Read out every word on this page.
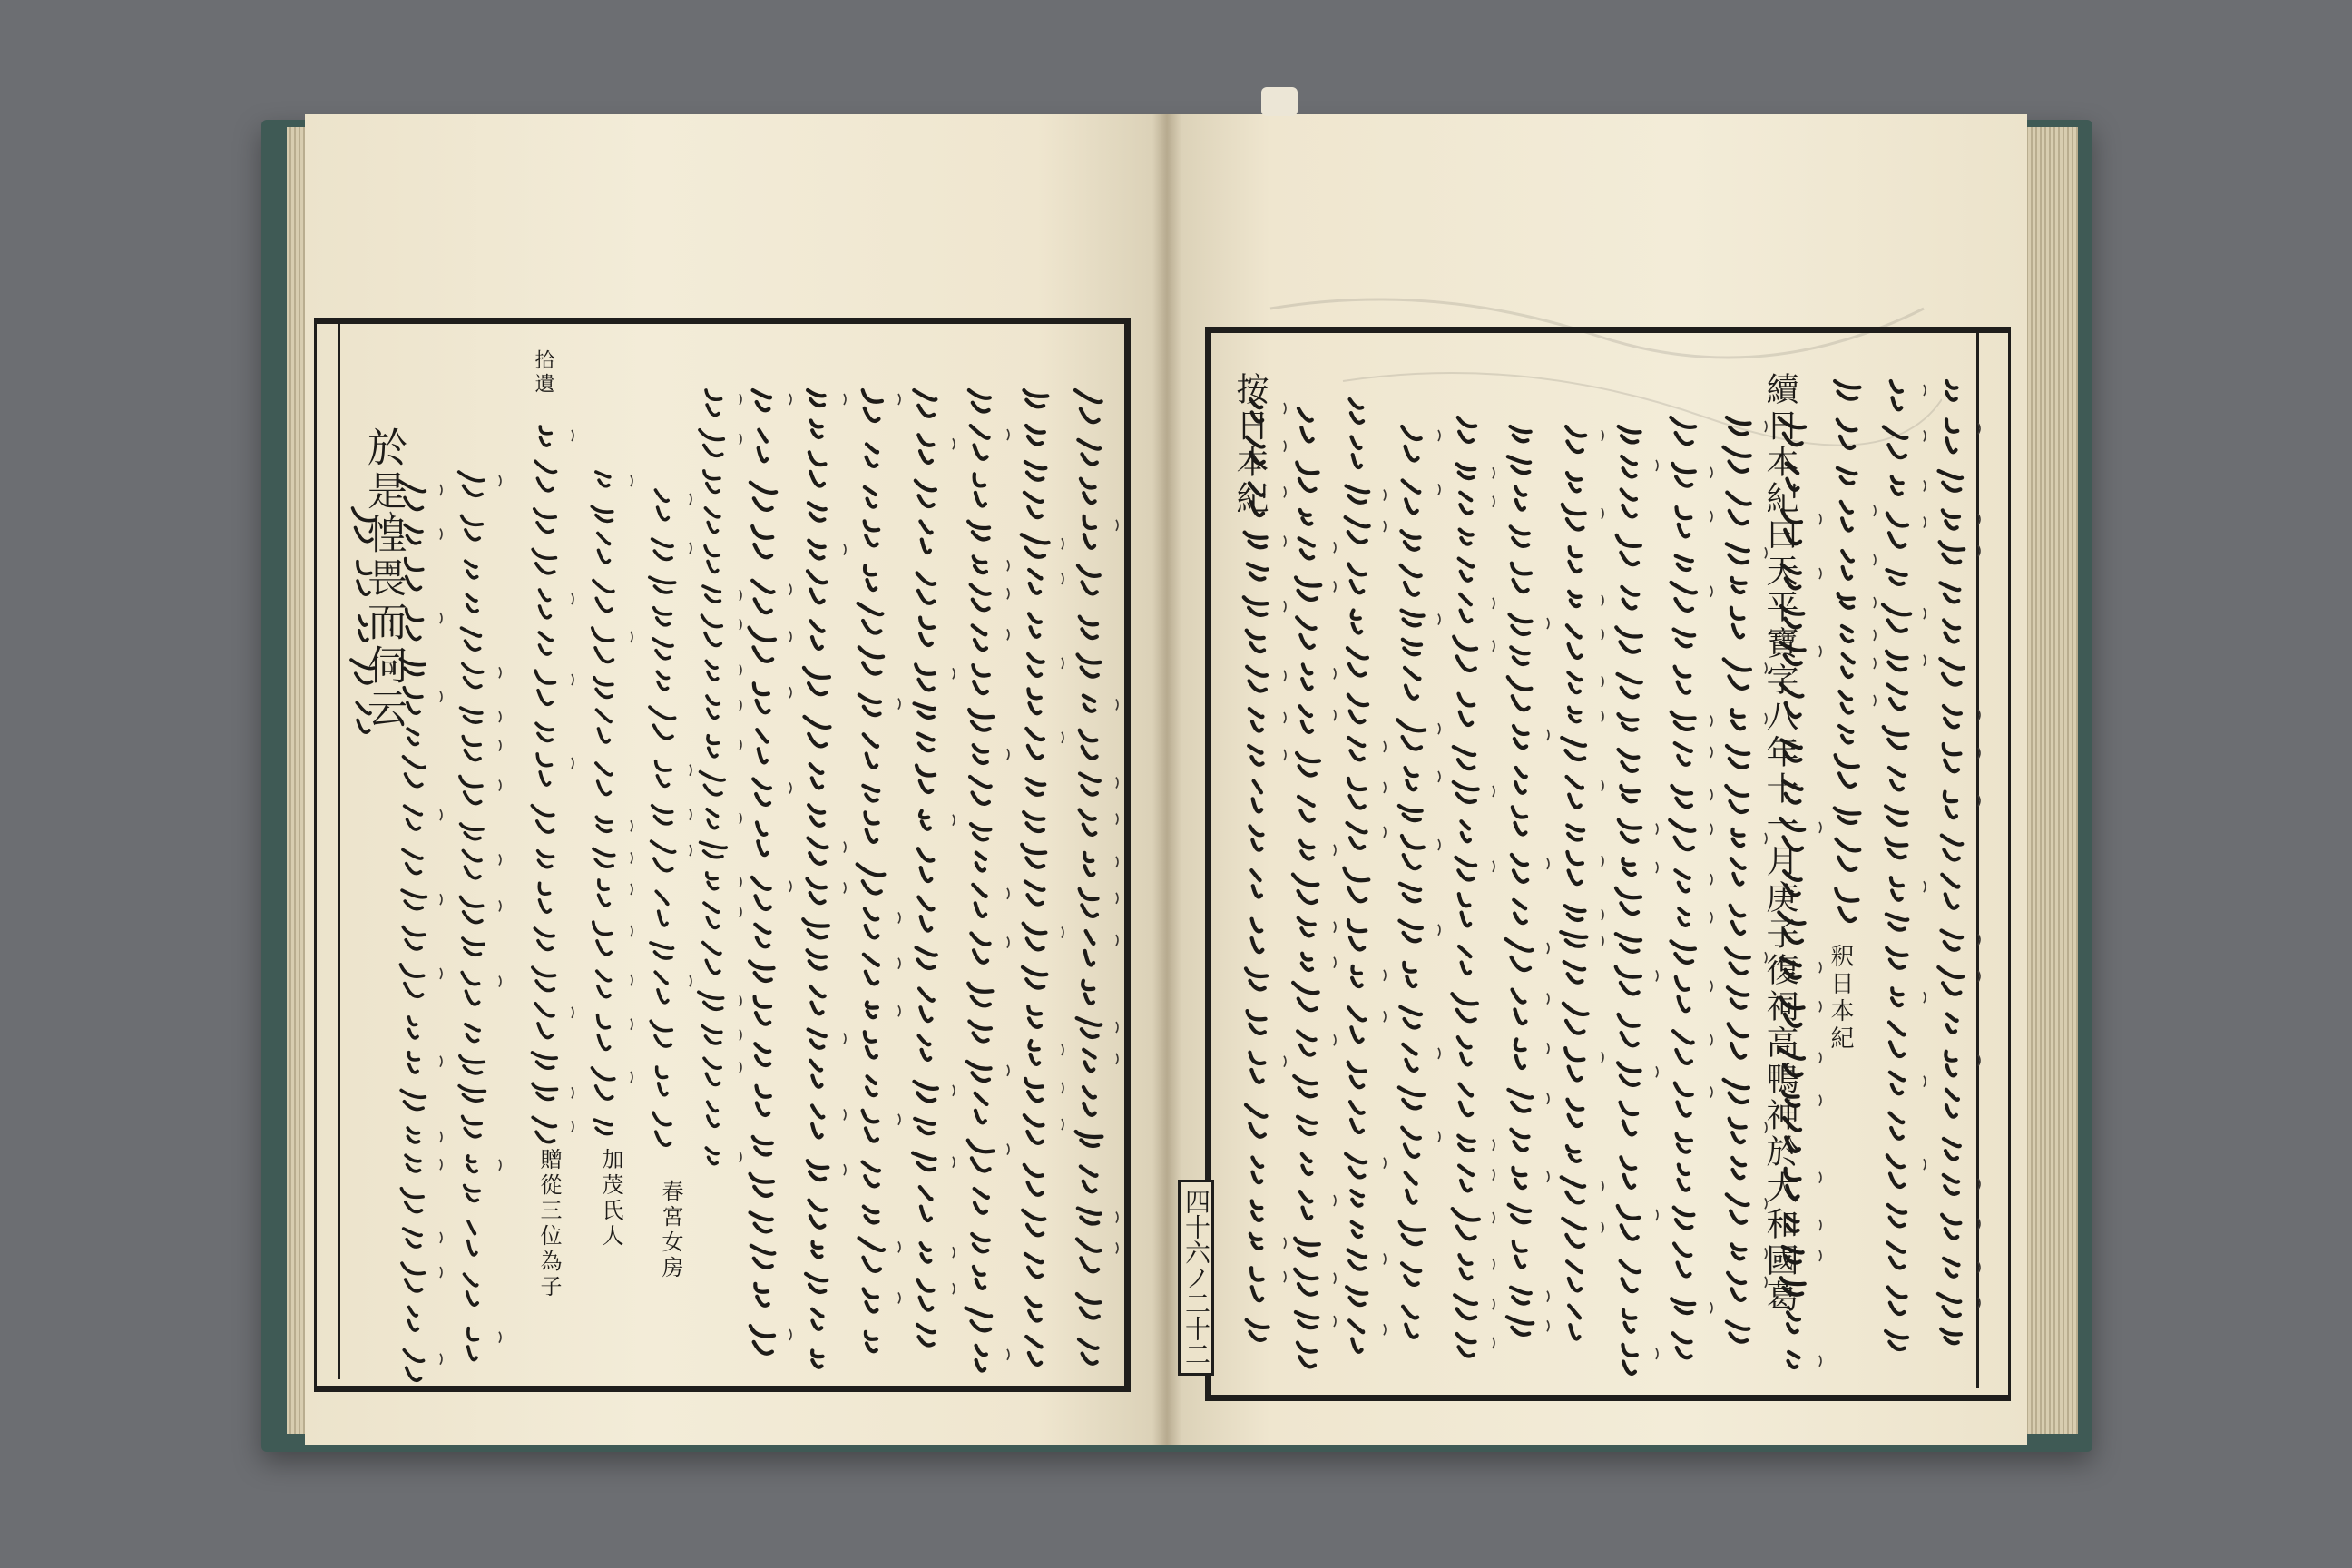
四十六ノ二十二
拾遺
加茂氏人
贈從三位為子	春宮女房
於是惶畏而伺云
釈日本紀
續日本紀曰天平寶字八年十一月庚子復祠高鴨神於大和國葛
按日本紀
